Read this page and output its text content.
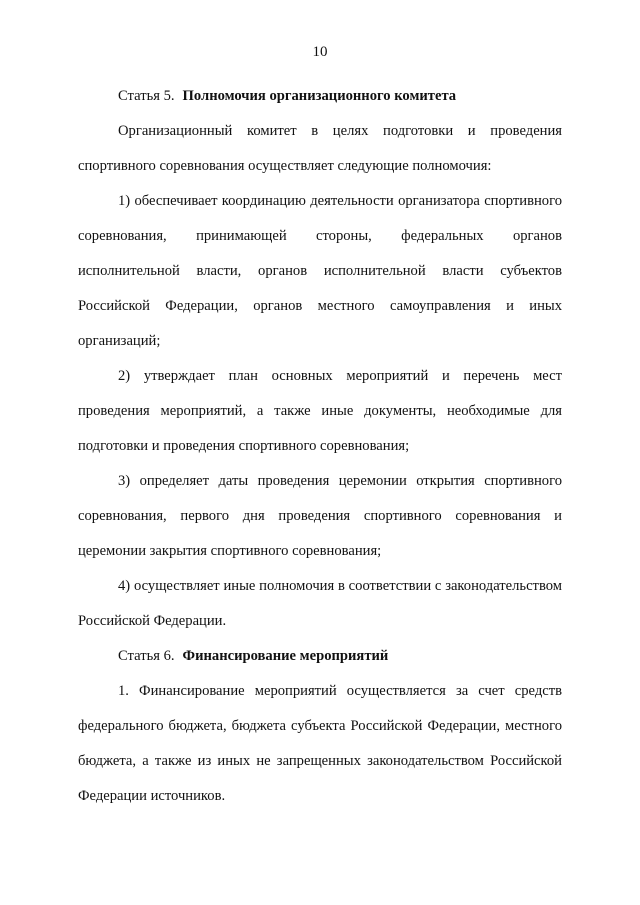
10

Статья 5. Полномочия организационного комитета

Организационный комитет в целях подготовки и проведения спортивного соревнования осуществляет следующие полномочия:

1) обеспечивает координацию деятельности организатора спортивного соревнования, принимающей стороны, федеральных органов исполнительной власти, органов исполнительной власти субъектов Российской Федерации, органов местного самоуправления и иных организаций;

2) утверждает план основных мероприятий и перечень мест проведения мероприятий, а также иные документы, необходимые для подготовки и проведения спортивного соревнования;

3) определяет даты проведения церемонии открытия спортивного соревнования, первого дня проведения спортивного соревнования и церемонии закрытия спортивного соревнования;

4) осуществляет иные полномочия в соответствии с законодательством Российской Федерации.

Статья 6. Финансирование мероприятий

1. Финансирование мероприятий осуществляется за счет средств федерального бюджета, бюджета субъекта Российской Федерации, местного бюджета, а также из иных не запрещенных законодательством Российской Федерации источников.
